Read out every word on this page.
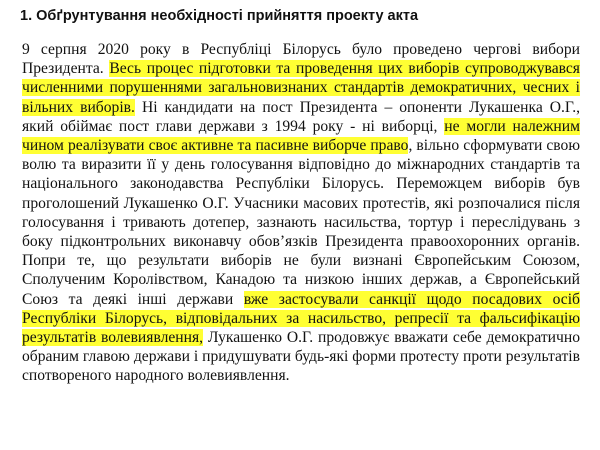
1. Обґрунтування необхідності прийняття проекту акта

9 серпня 2020 року в Республіці Білорусь було проведено чергові вибори Президента. Весь процес підготовки та проведення цих виборів супроводжувався численними порушеннями загальновизнаних стандартів демократичних, чесних і вільних виборів. Ні кандидати на пост Президента – опоненти Лукашенка О.Г., який обіймає пост глави держави з 1994 року - ні виборці, не могли належним чином реалізувати своє активне та пасивне виборче право, вільно сформувати свою волю та виразити її у день голосування відповідно до міжнародних стандартів та національного законодавства Республіки Білорусь. Переможцем виборів був проголошений Лукашенко О.Г. Учасники масових протестів, які розпочалися після голосування і тривають дотепер, зазнають насильства, тортур і переслідувань з боку підконтрольних виконавчу обов’язків Президента правоохоронних органів. Попри те, що результати виборів не були визнані Європейським Союзом, Сполученим Королівством, Канадою та низкою інших держав, а Європейський Союз та деякі інші держави вже застосували санкції щодо посадових осіб Республіки Білорусь, відповідальних за насильство, репресії та фальсифікацію результатів волевиявлення, Лукашенко О.Г. продовжує вважати себе демократично обраним главою держави і придушувати будь-які форми протесту проти результатів спотвореного народного волевиявлення.
